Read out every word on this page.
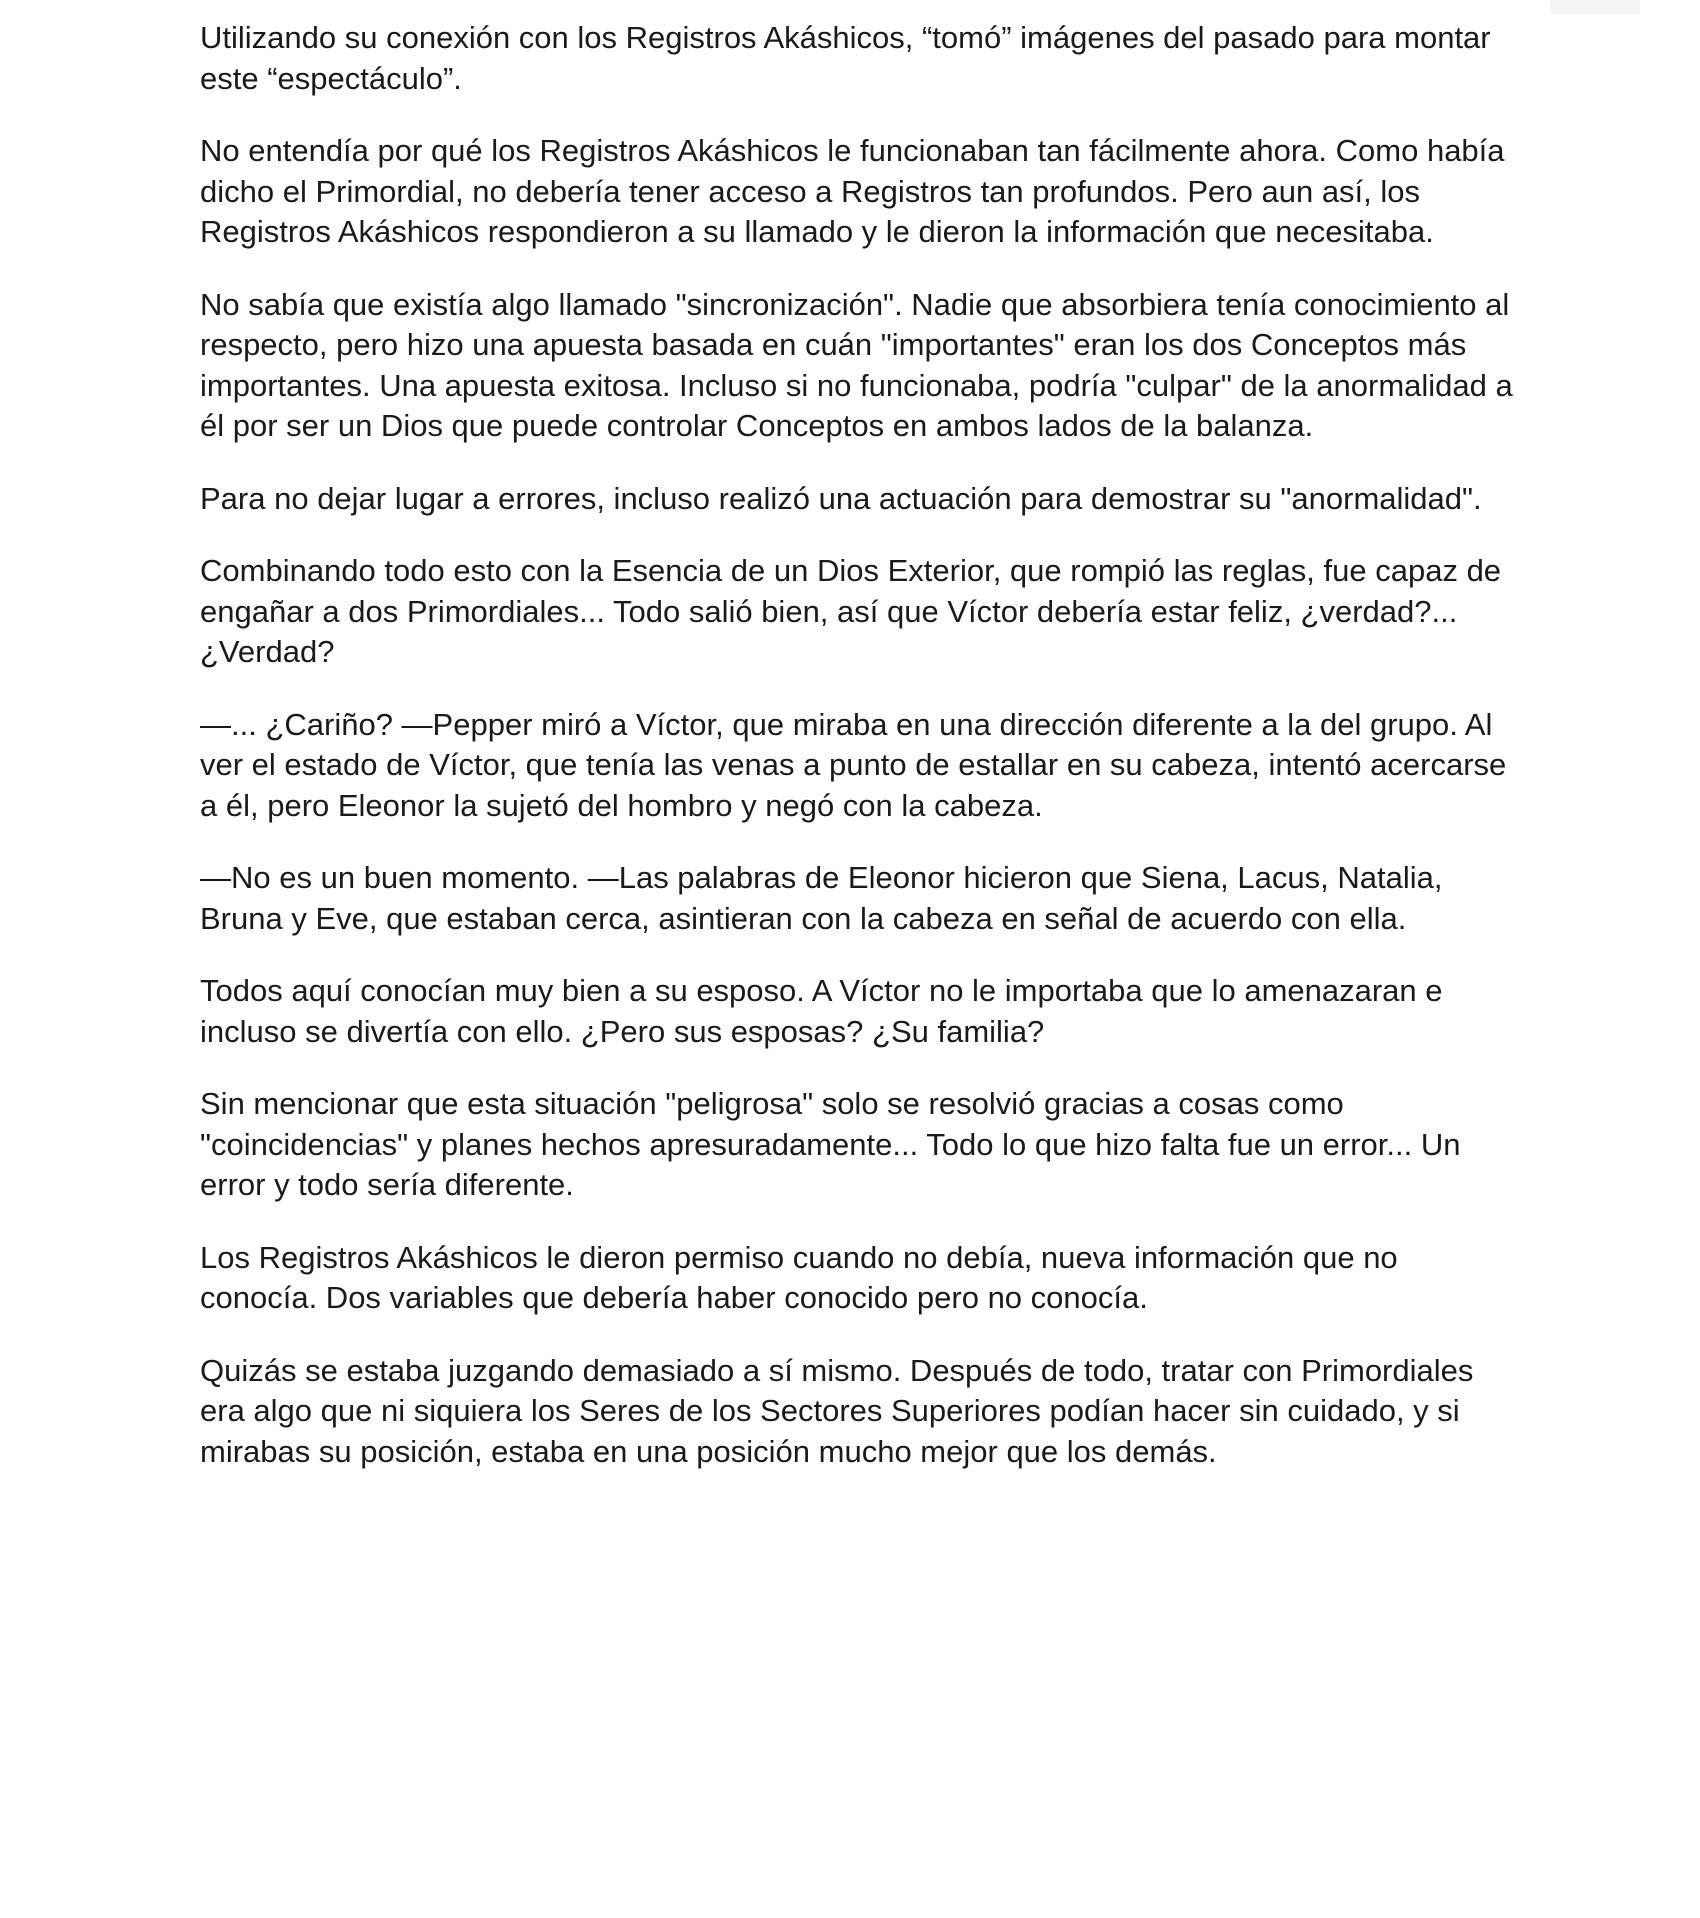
Utilizando su conexión con los Registros Akáshicos, “tomó” imágenes del pasado para montar este “espectáculo”.

No entendía por qué los Registros Akáshicos le funcionaban tan fácilmente ahora. Como había dicho el Primordial, no debería tener acceso a Registros tan profundos. Pero aun así, los Registros Akáshicos respondieron a su llamado y le dieron la información que necesitaba.

No sabía que existía algo llamado "sincronización". Nadie que absorbiera tenía conocimiento al respecto, pero hizo una apuesta basada en cuán "importantes" eran los dos Conceptos más importantes. Una apuesta exitosa. Incluso si no funcionaba, podría "culpar" de la anormalidad a él por ser un Dios que puede controlar Conceptos en ambos lados de la balanza.

Para no dejar lugar a errores, incluso realizó una actuación para demostrar su "anormalidad".

Combinando todo esto con la Esencia de un Dios Exterior, que rompió las reglas, fue capaz de engañar a dos Primordiales... Todo salió bien, así que Víctor debería estar feliz, ¿verdad?... ¿Verdad?

—... ¿Cariño? —Pepper miró a Víctor, que miraba en una dirección diferente a la del grupo. Al ver el estado de Víctor, que tenía las venas a punto de estallar en su cabeza, intentó acercarse a él, pero Eleonor la sujetó del hombro y negó con la cabeza.

—No es un buen momento. —Las palabras de Eleonor hicieron que Siena, Lacus, Natalia, Bruna y Eve, que estaban cerca, asintieran con la cabeza en señal de acuerdo con ella.

Todos aquí conocían muy bien a su esposo. A Víctor no le importaba que lo amenazaran e incluso se divertía con ello. ¿Pero sus esposas? ¿Su familia?

Sin mencionar que esta situación "peligrosa" solo se resolvió gracias a cosas como "coincidencias" y planes hechos apresuradamente... Todo lo que hizo falta fue un error... Un error y todo sería diferente.

Los Registros Akáshicos le dieron permiso cuando no debía, nueva información que no conocía. Dos variables que debería haber conocido pero no conocía.

Quizás se estaba juzgando demasiado a sí mismo. Después de todo, tratar con Primordiales era algo que ni siquiera los Seres de los Sectores Superiores podían hacer sin cuidado, y si mirabas su posición, estaba en una posición mucho mejor que los demás.
